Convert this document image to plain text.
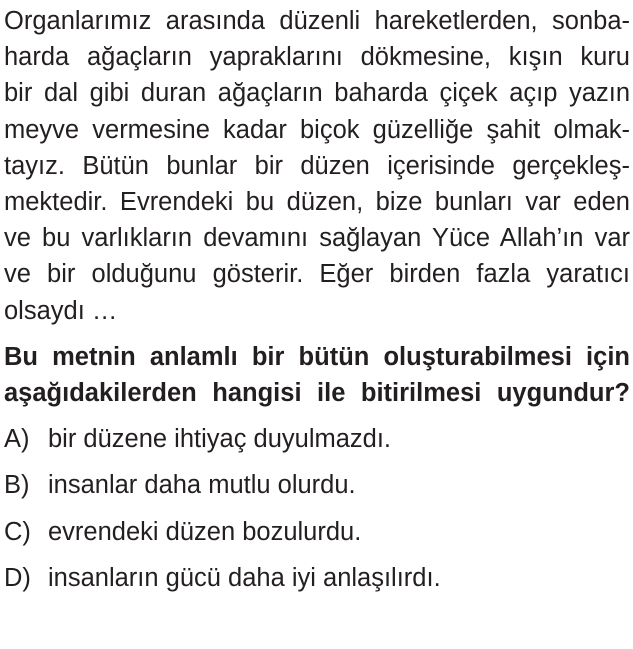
Organlarımız arasında düzenli hareketlerden, sonba-
harda ağaçların yapraklarını dökmesine, kışın kuru
bir dal gibi duran ağaçların baharda çiçek açıp yazın
meyve vermesine kadar biçok güzelliğe şahit olmak-
tayız. Bütün bunlar bir düzen içerisinde gerçekleş-
mektedir. Evrendeki bu düzen, bize bunları var eden
ve bu varlıkların devamını sağlayan Yüce Allah’ın var
ve bir olduğunu gösterir. Eğer birden fazla yaratıcı
olsaydı …
Bu metnin anlamlı bir bütün oluşturabilmesi için
aşağıdakilerden hangisi ile bitirilmesi uygundur?
A) bir düzene ihtiyaç duyulmazdı.
B) insanlar daha mutlu olurdu.
C) evrendeki düzen bozulurdu.
D) insanların gücü daha iyi anlaşılırdı.
